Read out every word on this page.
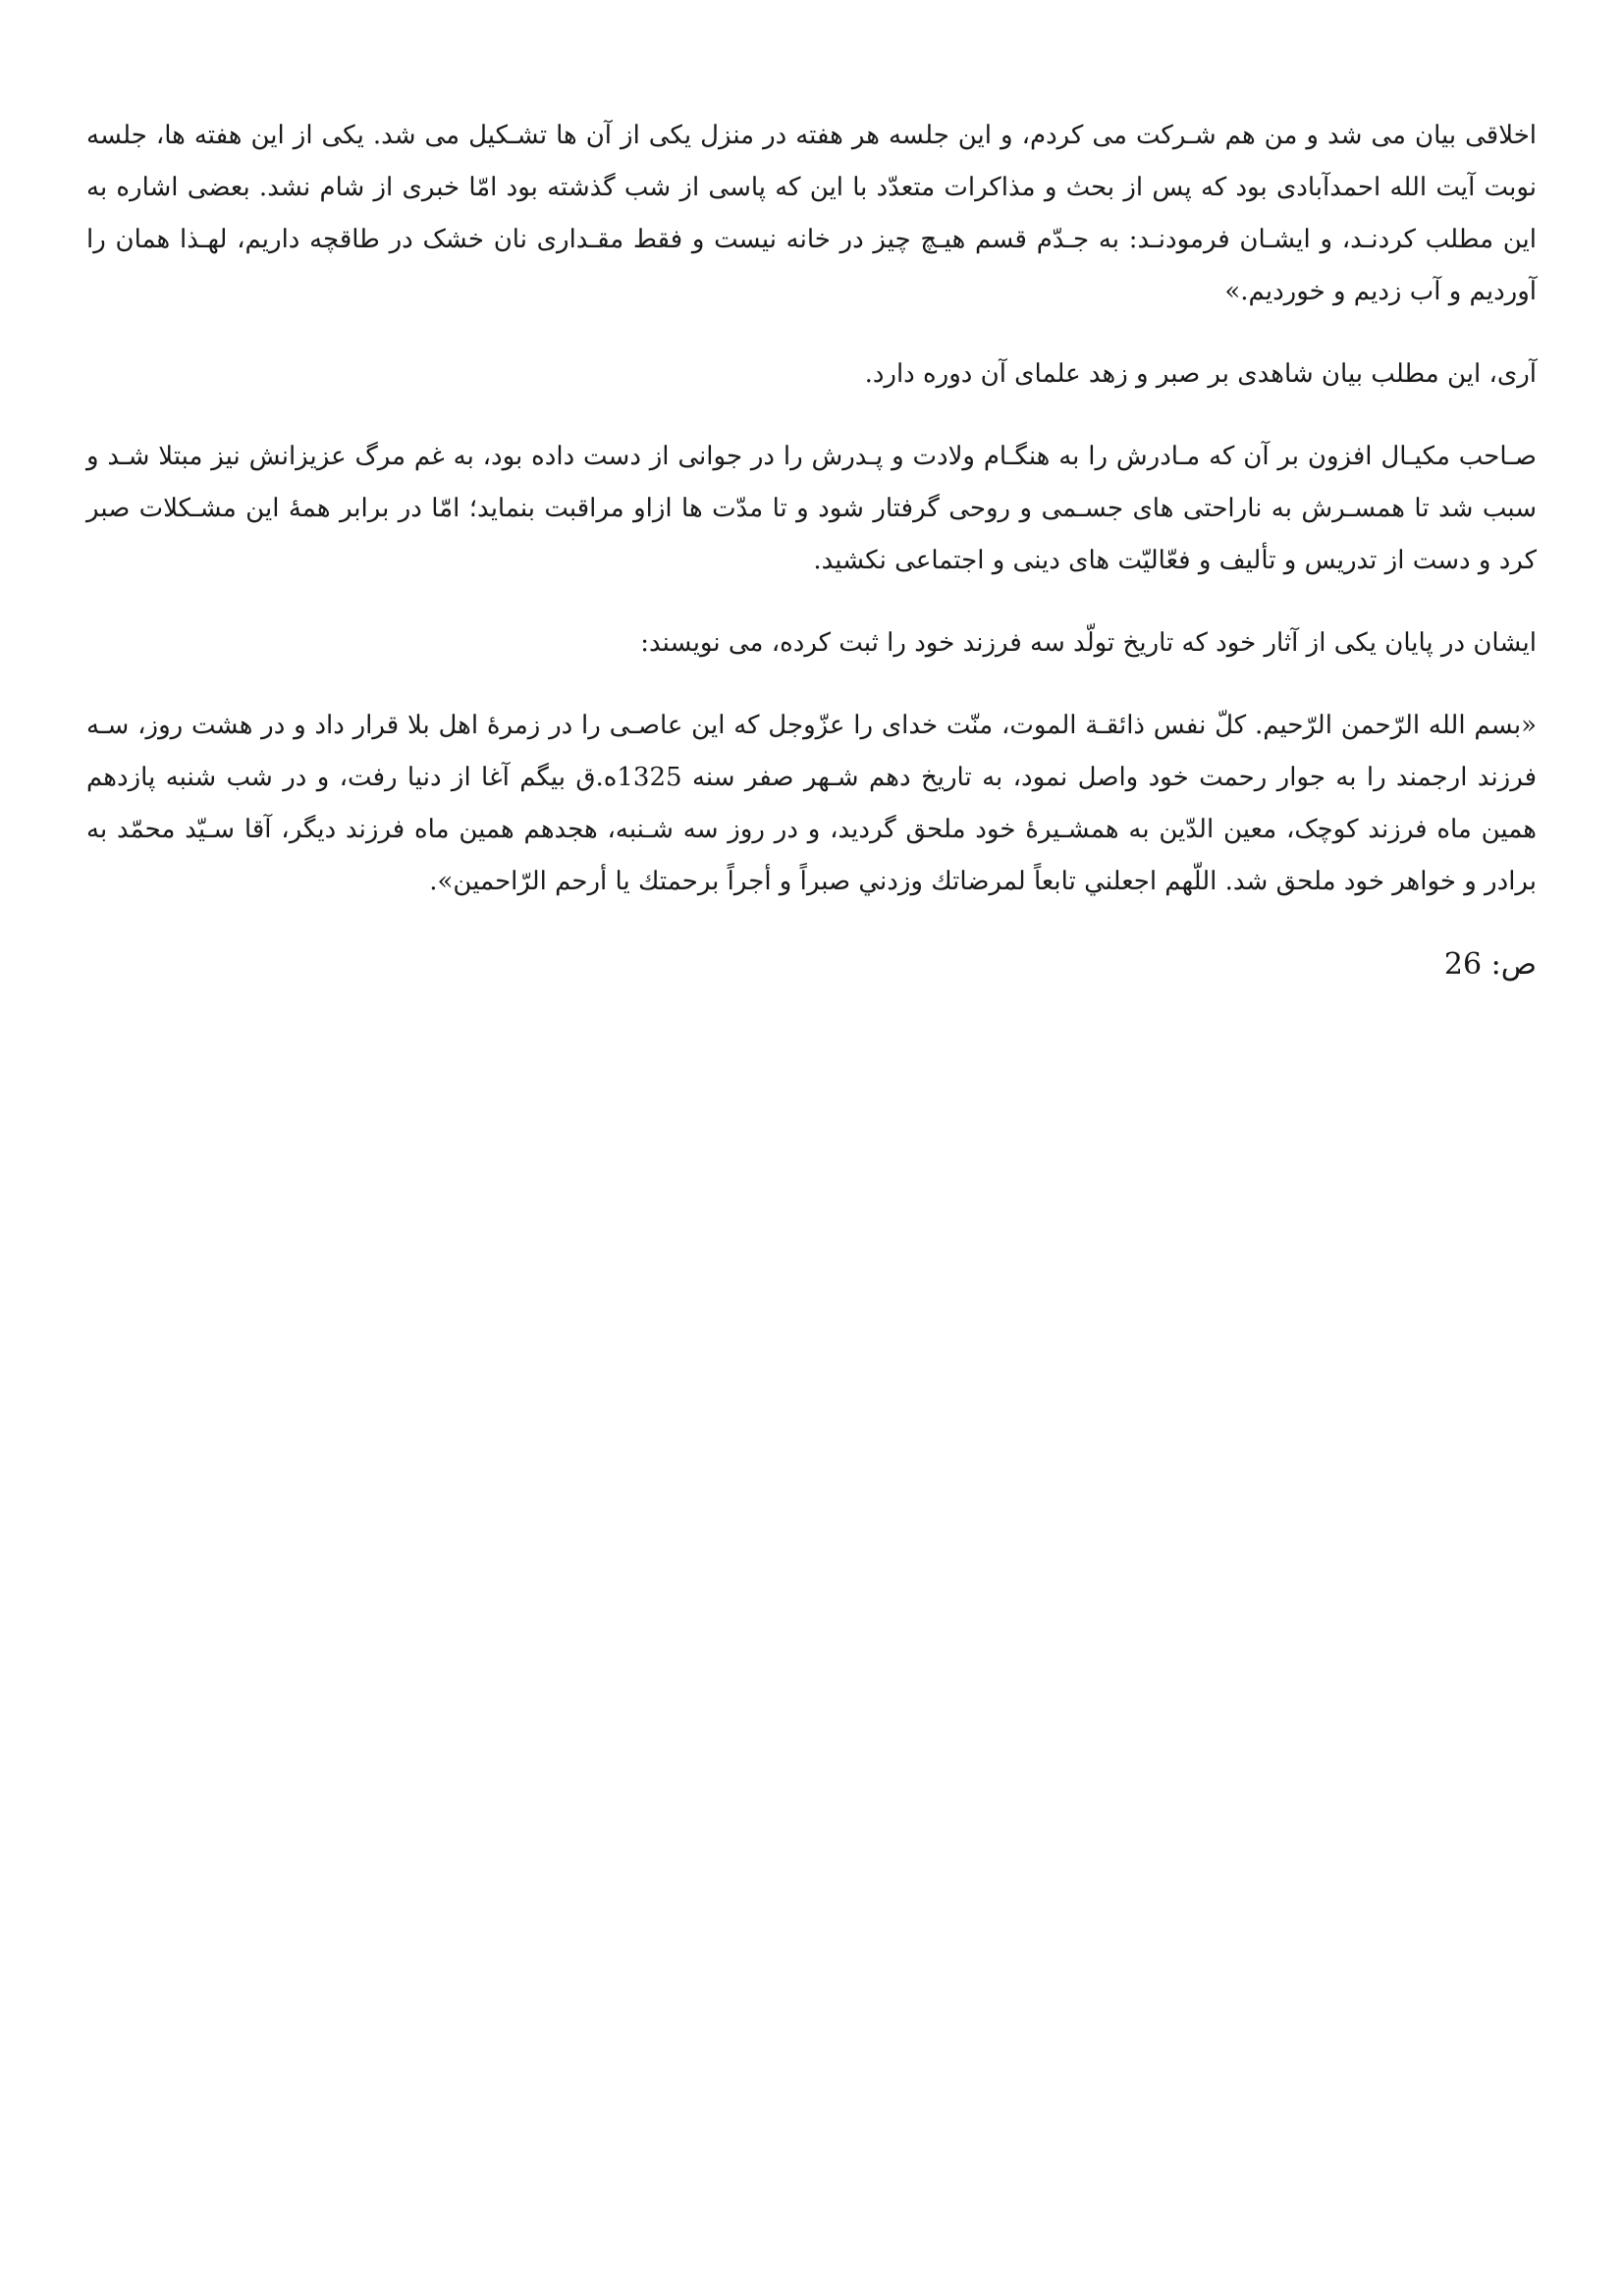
اخلاقی بیان می شد و من هم شـرکت می کردم، و این جلسه هر هفته در منزل یکی از آن ها تشـکیل می شد. یکی از این هفته ها، جلسه نوبت آیت الله احمدآبادی بود که پس از بحث و مذاکرات متعدّد با این که پاسی از شب گذشته بود امّا خبری از شام نشد. بعضی اشاره به این مطلب کردنـد، و ایشـان فرمودنـد: به جـدّم قسم هیـچ چیز در خانه نیست و فقط مقـداری نان خشک در طاقچه داریم، لهـذا همان را آوردیم و آب زدیم و خوردیم.»

آری، این مطلب بیان شاهدی بر صبر و زهد علمای آن دوره دارد.

صـاحب مکیـال افزون بر آن که مـادرش را به هنگـام ولادت و پـدرش را در جوانی از دست داده بود، به غم مرگ عزیزانش نیز مبتلا شـد و سبب شد تا همسـرش به ناراحتی های جسـمی و روحی گرفتار شود و تا مدّت ها ازاو مراقبت بنماید؛ امّا در برابر همهٔ این مشـکلات صبر کرد و دست از تدریس و تألیف و فعّالیّت های دینی و اجتماعی نکشید.

ایشان در پایان یکی از آثار خود که تاریخ تولّد سه فرزند خود را ثبت کرده، می نویسند:

«بسم الله الرّحمن الرّحیم. کلّ نفس ذائقـة الموت، منّت خدای را عزّوجل که این عاصـی را در زمرهٔ اهل بلا قرار داد و در هشت روز، سـه فرزند ارجمند را به جوار رحمت خود واصل نمود، به تاریخ دهم شـهر صفر سنه 1325ه.ق بیگم آغا از دنیا رفت، و در شب شنبه پازدهم همین ماه فرزند کوچک، معین الدّین به همشـیرهٔ خود ملحق گردید، و در روز سه شـنبه، هجدهم همین ماه فرزند دیگر، آقا سـیّد محمّد به برادر و خواهر خود ملحق شد. اللّهم اجعلني تابعاً لمرضاتك وزدني صبراً و أجراً برحمتك يا أرحم الرّاحمين».

ص: 26
